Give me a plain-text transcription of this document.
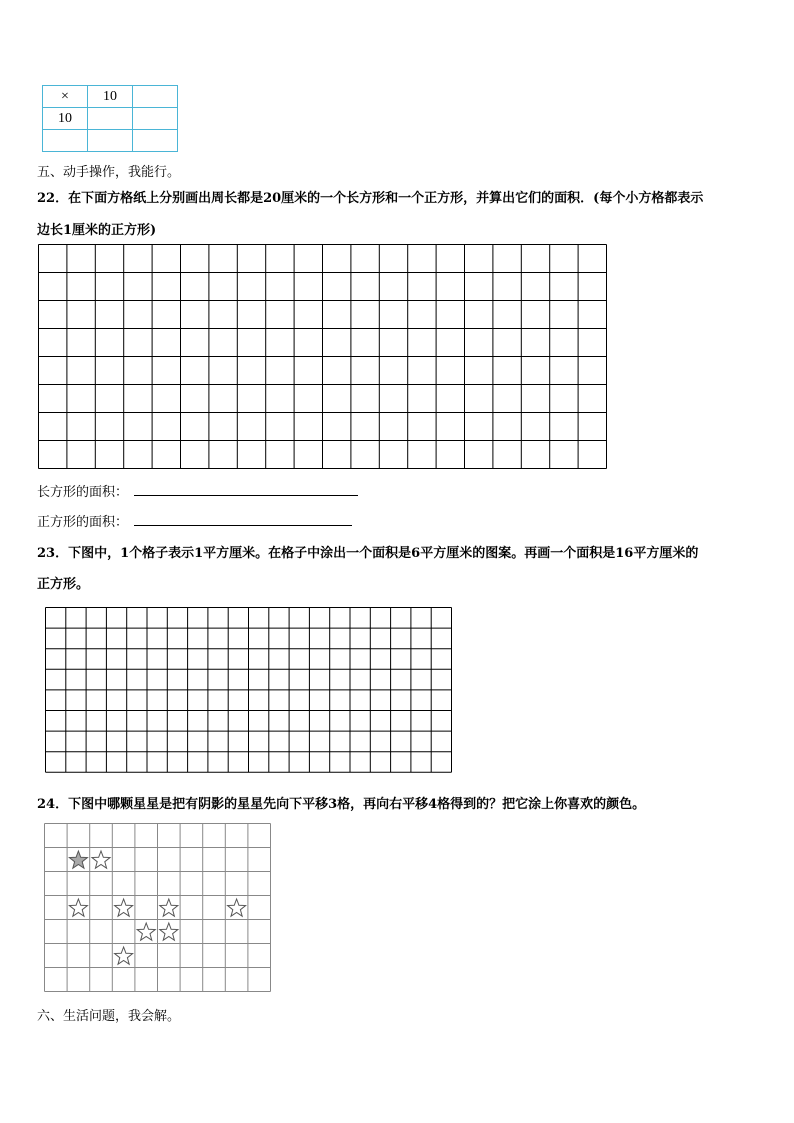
×	10	
10		

五、动手操作，我能行。
22．在下面方格纸上分别画出周长都是20厘米的一个长方形和一个正方形，并算出它们的面积．(每个小方格都表示
边长1厘米的正方形)
长方形的面积：
正方形的面积：
23．下图中，1个格子表示1平方厘米。在格子中涂出一个面积是6平方厘米的图案。再画一个面积是16平方厘米的
正方形。
24．下图中哪颗星星是把有阴影的星星先向下平移3格，再向右平移4格得到的？把它涂上你喜欢的颜色。
六、生活问题，我会解。
